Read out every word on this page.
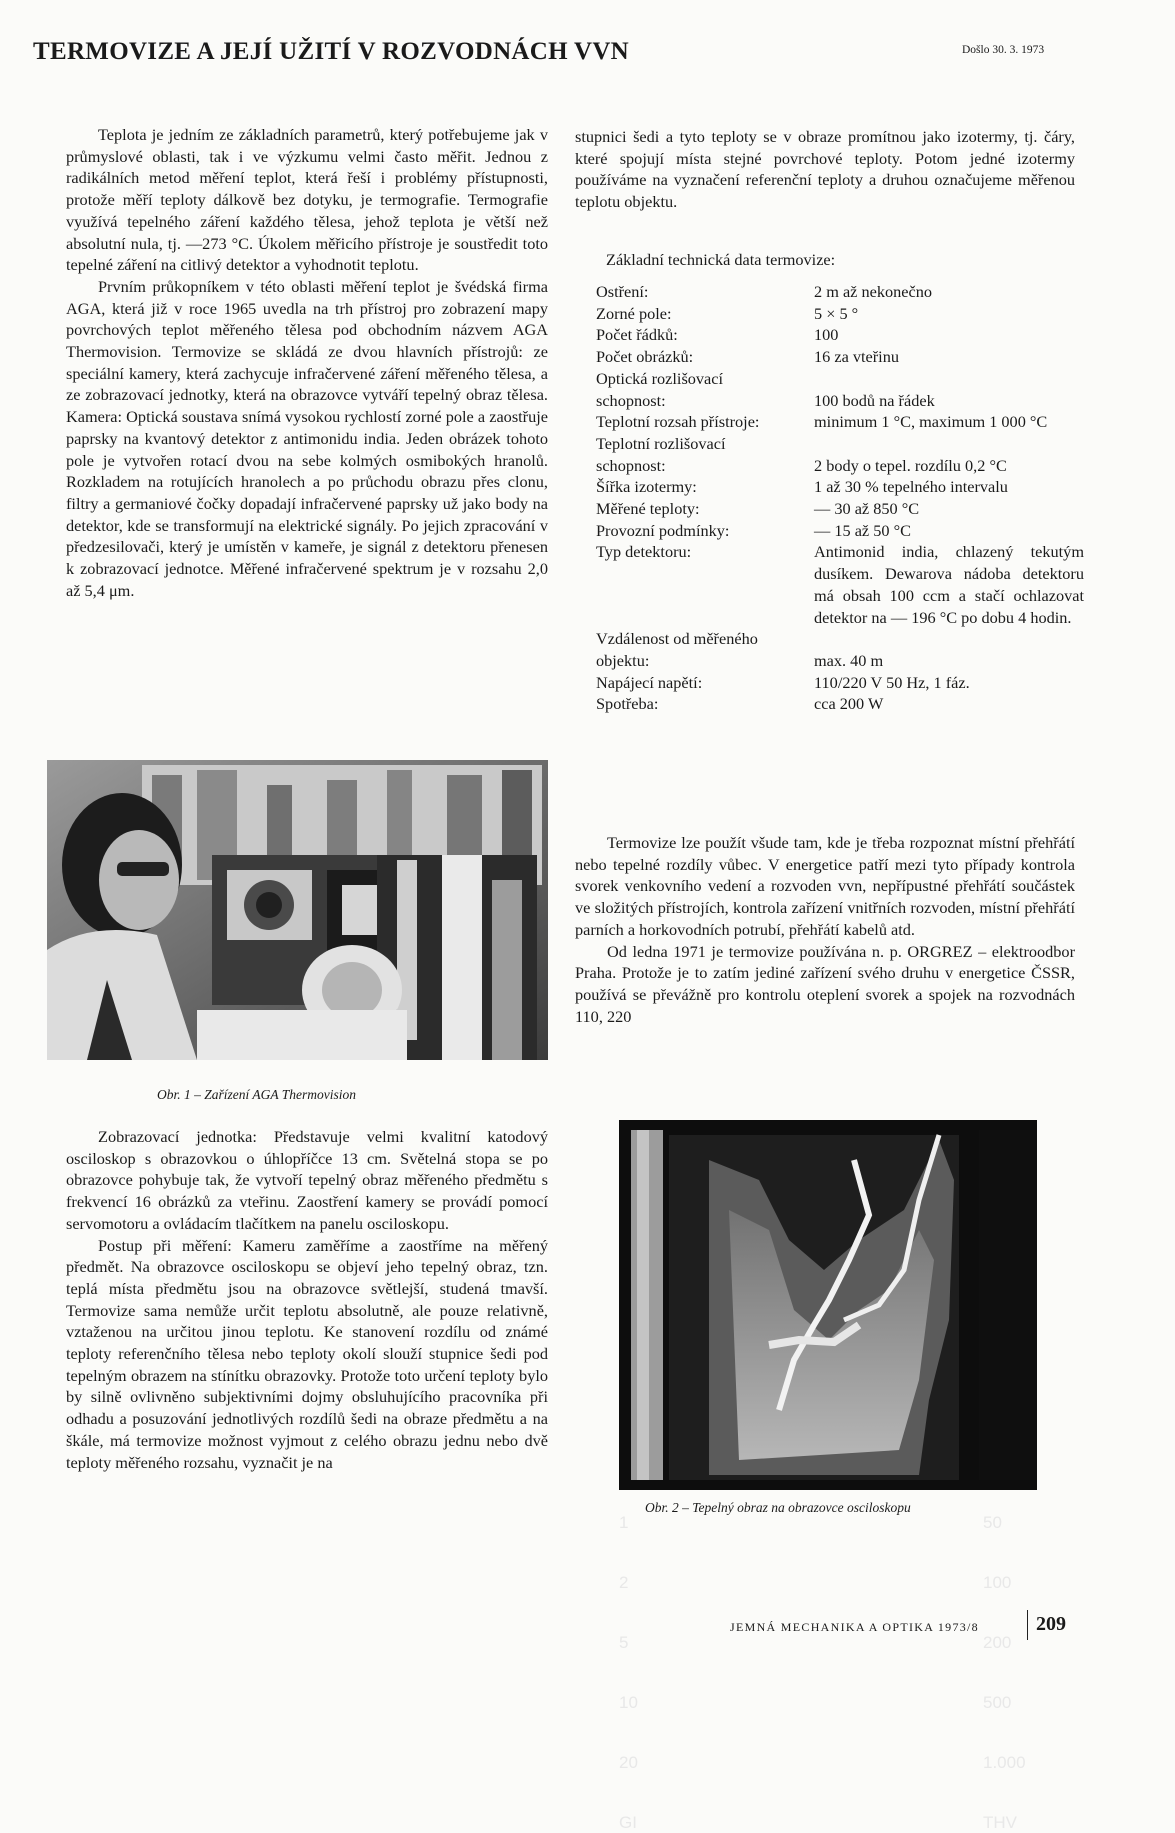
TERMOVIZE A JEJÍ UŽITÍ V ROZVODNÁCH VVN	Došlo 30. 3. 1973

Teplota je jedním ze základních parametrů, který potřebujeme jak v průmyslové oblasti, tak i ve výzkumu velmi často měřit. Jednou z radikálních metod měření teplot, která řeší i problémy přístupnosti, protože měří teploty dálkově bez dotyku, je termografie. Termografie využívá tepelného záření každého tělesa, jehož teplota je větší než absolutní nula, tj. —273 °C. Úkolem měřicího přístroje je soustředit toto tepelné záření na citlivý detektor a vyhodnotit teplotu.

Prvním průkopníkem v této oblasti měření teplot je švédská firma AGA, která již v roce 1965 uvedla na trh přístroj pro zobrazení mapy povrchových teplot měřeného tělesa pod obchodním názvem AGA Thermovision. Termovize se skládá ze dvou hlavních přístrojů: ze speciální kamery, která zachycuje infračervené záření měřeného tělesa, a ze zobrazovací jednotky, která na obrazovce vytváří tepelný obraz tělesa. Kamera: Optická soustava snímá vysokou rychlostí zorné pole a zaostřuje paprsky na kvantový detektor z antimonidu india. Jeden obrázek tohoto pole je vytvořen rotací dvou na sebe kolmých osmibokých hranolů. Rozkladem na rotujících hranolech a po průchodu obrazu přes clonu, filtry a germaniové čočky dopadají infračervené paprsky už jako body na detektor, kde se transformují na elektrické signály. Po jejich zpracování v předzesilovači, který je umístěn v kameře, je signál z detektoru přenesen k zobrazovací jednotce. Měřené infračervené spektrum je v rozsahu 2,0 až 5,4 μm.

Obr. 1 – Zařízení AGA Thermovision

Zobrazovací jednotka: Představuje velmi kvalitní katodový osciloskop s obrazovkou o úhlopříčce 13 cm. Světelná stopa se po obrazovce pohybuje tak, že vytvoří tepelný obraz měřeného předmětu s frekvencí 16 obrázků za vteřinu. Zaostření kamery se provádí pomocí servomotoru a ovládacím tlačítkem na panelu osciloskopu.

Postup při měření: Kameru zaměříme a zaostříme na měřený předmět. Na obrazovce osciloskopu se objeví jeho tepelný obraz, tzn. teplá místa předmětu jsou na obrazovce světlejší, studená tmavší. Termovize sama nemůže určit teplotu absolutně, ale pouze relativně, vztaženou na určitou jinou teplotu. Ke stanovení rozdílu od známé teploty referenčního tělesa nebo teploty okolí slouží stupnice šedi pod tepelným obrazem na stínítku obrazovky. Protože toto určení teploty bylo by silně ovlivněno subjektivními dojmy obsluhujícího pracovníka při odhadu a posuzování jednotlivých rozdílů šedi na obraze předmětu a na škále, má termovize možnost vyjmout z celého obrazu jednu nebo dvě teploty měřeného rozsahu, vyznačit je na

stupnici šedi a tyto teploty se v obraze promítnou jako izotermy, tj. čáry, které spojují místa stejné povrchové teploty. Potom jedné izotermy používáme na vyznačení referenční teploty a druhou označujeme měřenou teplotu objektu.

Základní technická data termovize:
Ostření:	2 m až nekonečno
Zorné pole:	5 × 5 °
Počet řádků:	100
Počet obrázků:	16 za vteřinu
Optická rozlišovací schopnost:	100 bodů na řádek
Teplotní rozsah přístroje:	minimum 1 °C, maximum 1 000 °C
Teplotní rozlišovací schopnost:	2 body o tepel. rozdílu 0,2 °C
Šířka izotermy:	1 až 30 % tepelného intervalu
Měřené teploty:	— 30 až 850 °C
Provozní podmínky:	— 15 až 50 °C
Typ detektoru:	Antimonid india, chlazený tekutým dusíkem. Dewarova nádoba detektoru má obsah 100 ccm a stačí ochlazovat detektor na — 196 °C po dobu 4 hodin.
Vzdálenost od měřeného objektu:	max. 40 m
Napájecí napětí:	110/220 V 50 Hz, 1 fáz.
Spotřeba:	cca 200 W

Termovize lze použít všude tam, kde je třeba rozpoznat místní přehřátí nebo tepelné rozdíly vůbec. V energetice patří mezi tyto případy kontrola svorek venkovního vedení a rozvoden vvn, nepřípustné přehřátí součástek ve složitých přístrojích, kontrola zařízení vnitřních rozvoden, místní přehřátí parních a horkovodních potrubí, přehřátí kabelů atd.

Od ledna 1971 je termovize používána n. p. ORGREZ – elektroodbor Praha. Protože je to zatím jediné zařízení svého druhu v energetice ČSSR, používá se převážně pro kontrolu oteplení svorek a spojek na rozvodnách 110, 220

1
2
5
10
20
GI
50
100
200
500
1.000
THV
Obr. 2 – Tepelný obraz na obrazovce osciloskopu
JEMNÁ MECHANIKA A OPTIKA 1973/8	209
